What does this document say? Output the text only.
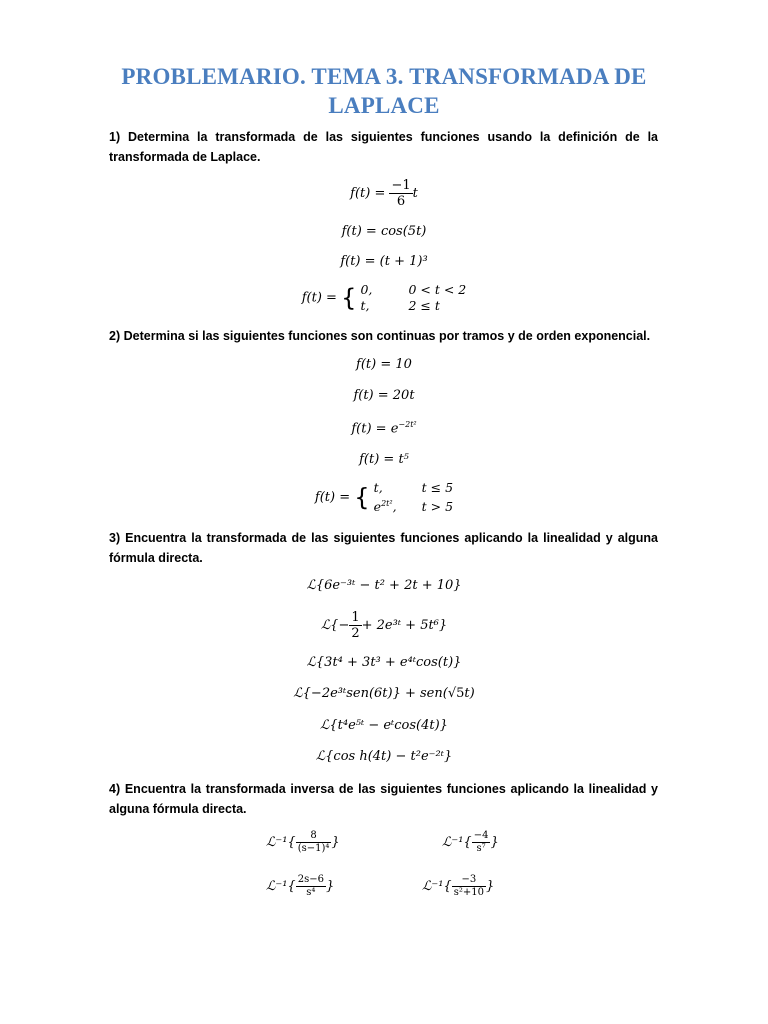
PROBLEMARIO. TEMA 3. TRANSFORMADA DE LAPLACE
1) Determina la transformada de las siguientes funciones usando la definición de la transformada de Laplace.
$f(t) = \frac{-1}{6}$ t
f(t) = cos(5t)
f(t) = (t + 1)³
f(t) = { 0,	0 < t < 2
t,	2 ≤ t
2) Determina si las siguientes funciones son continuas por tramos y de orden exponencial.
f(t) = 10
f(t) = 20t
$f(t) = e^{-2t^2}$
f(t) = t⁵
f(t) = { t,	t ≤ 5
$e^{2t^2}$, t > 5
3) Encuentra la transformada de las siguientes funciones aplicando la linealidad y alguna fórmula directa.
ℒ{6e⁻³ᵗ − t² + 2t + 10}
ℒ{− $\frac{1}{2}$ + 2e³ᵗ + 5t⁶}
ℒ{3t⁴ + 3t³ + e⁴ᵗcos(t)}
ℒ{−2e³ᵗsen(6t)} + sen(√5t)
ℒ{t⁴e⁵ᵗ − eᵗcos(4t)}
ℒ{cos h(4t) − t²e⁻²ᵗ}
4) Encuentra la transformada inversa de las siguientes funciones aplicando la linealidad y alguna fórmula directa.
ℒ⁻¹{ $\frac{8}{\text{(s−1)⁴}}$ }	ℒ⁻¹{ $\frac{-4}{\text{s⁷}}$ }
ℒ⁻¹{ $\frac{2s-6}{\text{s⁴}}$ }	ℒ⁻¹{ $\frac{-3}{\text{s²+10}}$ }
